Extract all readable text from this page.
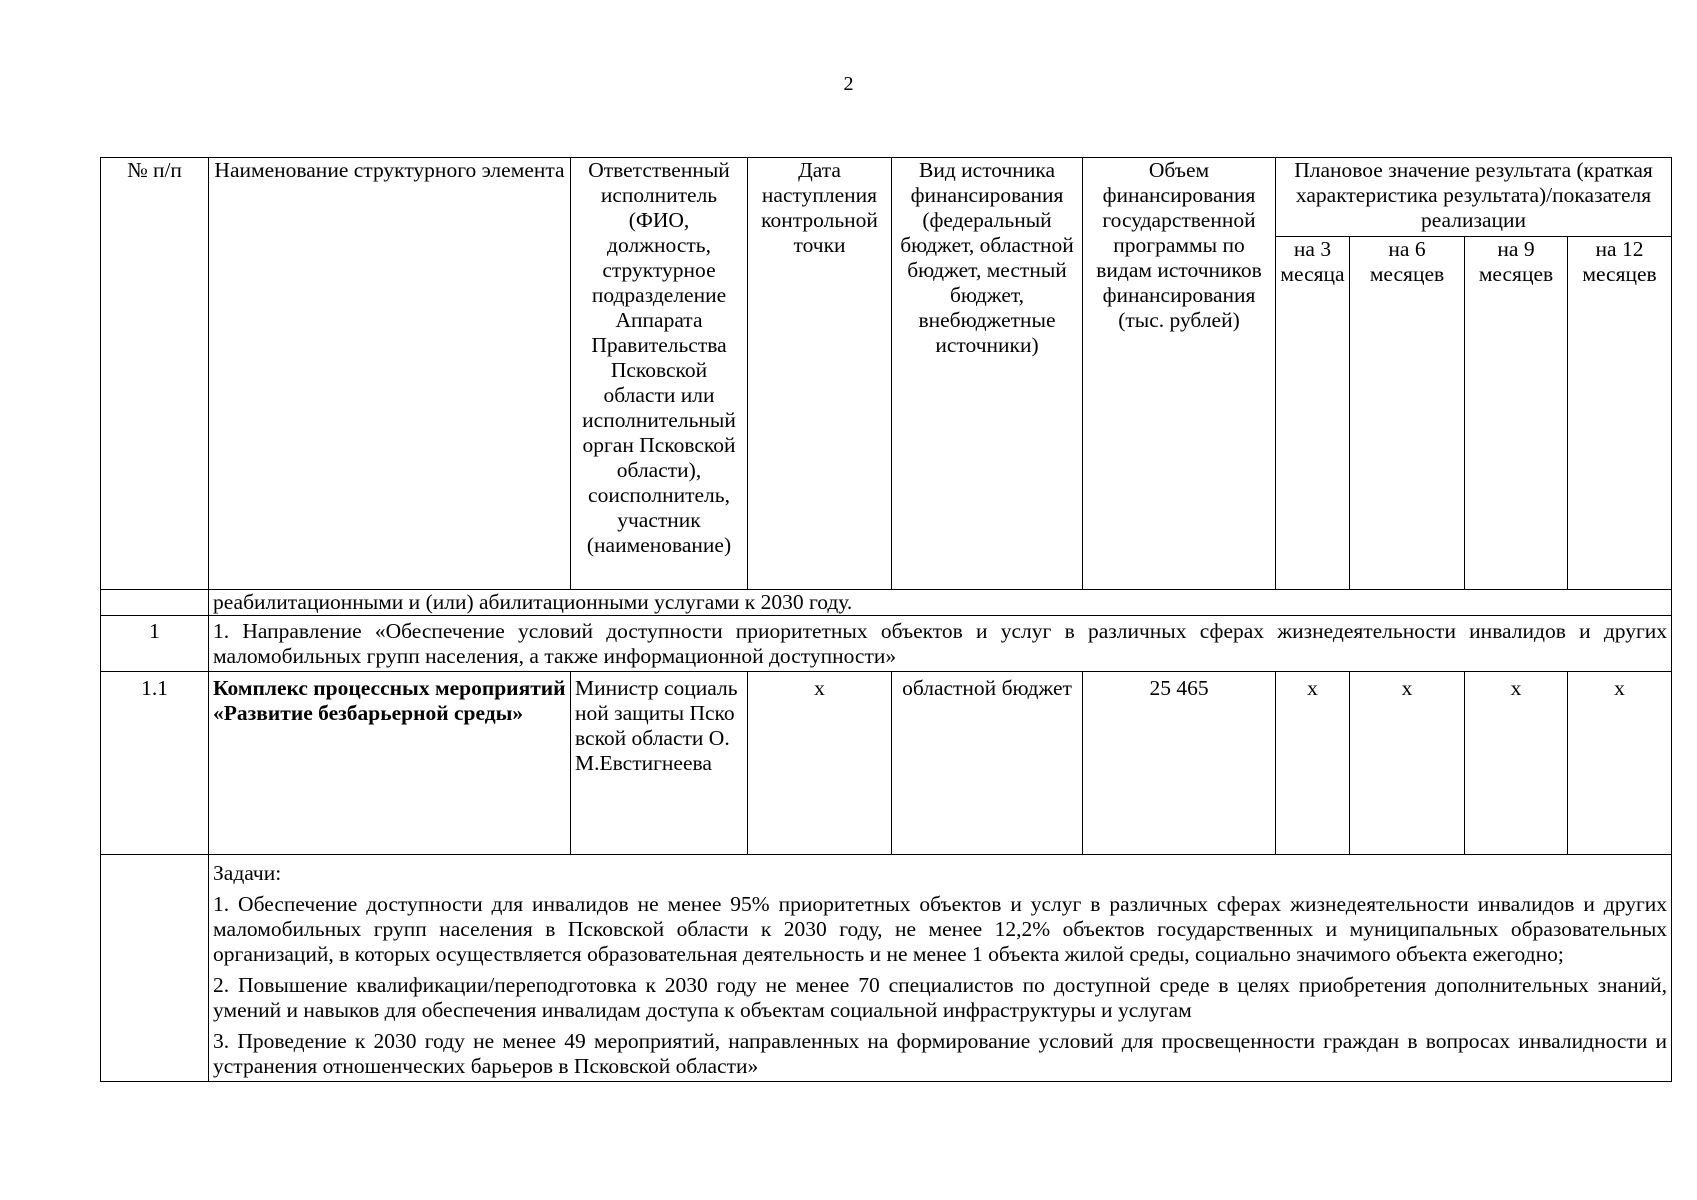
2
№ п/п	Наименование структурного элемента	Ответственный исполнитель (ФИО, должность, структурное подразделение Аппарата Правительства Псковской области или исполнительный орган Псковской области), соисполнитель, участник (наименование)	Дата наступления контрольной точки	Вид источника финансирования (федеральный бюджет, областной бюджет, местный бюджет, внебюджетные источники)	Объем финансирования государственной программы по видам источников финансирования (тыс. рублей)	Плановое значение результата (краткая характеристика результата)/показателя реализации			
						на 3 месяца	на 6 месяцев	на 9 месяцев	на 12 месяцев
	реабилитационными и (или) абилитационными услугами к 2030 году.								
1	1. Направление «Обеспечение условий доступности приоритетных объектов и услуг в различных сферах жизнедеятельности инвалидов и других маломобильных групп населения, а также информационной доступности»								
1.1	Комплекс процессных мероприятий «Развитие безбарьерной среды»	Министр социальной защиты Псковской области О.М.Евстигнеева	x	областной бюджет	25 465	x	x	x	x

	Задачи:

1. Обеспечение доступности для инвалидов не менее 95% приоритетных объектов и услуг в различных сферах жизнедеятельности инвалидов и других маломобильных групп населения в Псковской области к 2030 году, не менее 12,2% объектов государственных и муниципальных образовательных организаций, в которых осуществляется образовательная деятельность и не менее 1 объекта жилой среды, социально значимого объекта ежегодно;

2. Повышение квалификации/переподготовка к 2030 году не менее 70 специалистов по доступной среде в целях приобретения дополнительных знаний, умений и навыков для обеспечения инвалидам доступа к объектам социальной инфраструктуры и услугам

3. Проведение к 2030 году не менее 49 мероприятий, направленных на формирование условий для просвещенности граждан в вопросах инвалидности и устранения отношенческих барьеров в Псковской области»								
